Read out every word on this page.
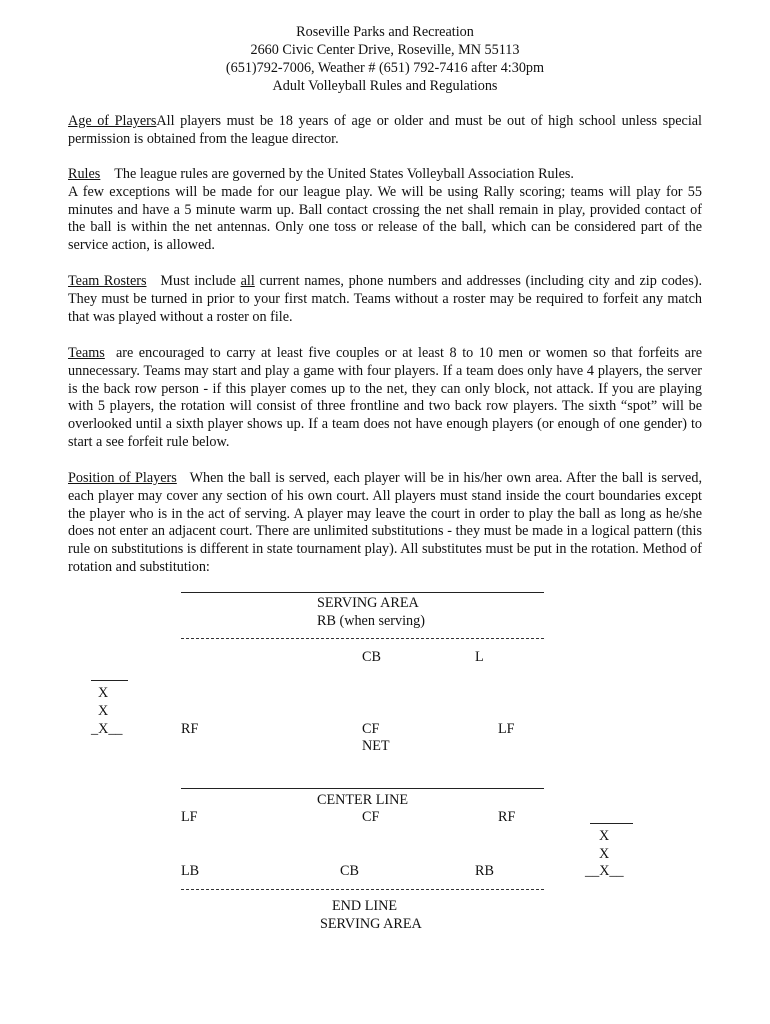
Roseville Parks and Recreation
2660 Civic Center Drive, Roseville, MN 55113
(651)792-7006, Weather # (651) 792-7416 after 4:30pm
Adult Volleyball Rules and Regulations

Age of PlayersAll players must be 18 years of age or older and must be out of high school unless special permission is obtained from the league director.

Rules The league rules are governed by the United States Volleyball Association Rules.
A few exceptions will be made for our league play. We will be using Rally scoring; teams will play for 55 minutes and have a 5 minute warm up. Ball contact crossing the net shall remain in play, provided contact of the ball is within the net antennas. Only one toss or release of the ball, which can be considered part of the service action, is allowed.

Team Rosters Must include all current names, phone numbers and addresses (including city and zip codes). They must be turned in prior to your first match. Teams without a roster may be required to forfeit any match that was played without a roster on file.

Teams are encouraged to carry at least five couples or at least 8 to 10 men or women so that forfeits are unnecessary. Teams may start and play a game with four players. If a team does only have 4 players, the server is the back row person - if this player comes up to the net, they can only block, not attack. If you are playing with 5 players, the rotation will consist of three frontline and two back row players. The sixth “spot” will be overlooked until a sixth player shows up. If a team does not have enough players (or enough of one gender) to start a see forfeit rule below.

Position of Players When the ball is served, each player will be in his/her own area. After the ball is served, each player may cover any section of his own court. All players must stand inside the court boundaries except the player who is in the act of serving. A player may leave the court in order to play the ball as long as he/she does not enter an adjacent court. There are unlimited substitutions - they must be made in a logical pattern (this rule on substitutions is different in state tournament play). All substitutes must be put in the rotation. Method of rotation and substitution:

SERVING AREA
RB (when serving)
CB	L
X
X
_X__	RF	CF	LF
NET
CENTER LINE
LF	CF	RF
X
X
__X__
LB	CB	RB
END LINE
SERVING AREA
